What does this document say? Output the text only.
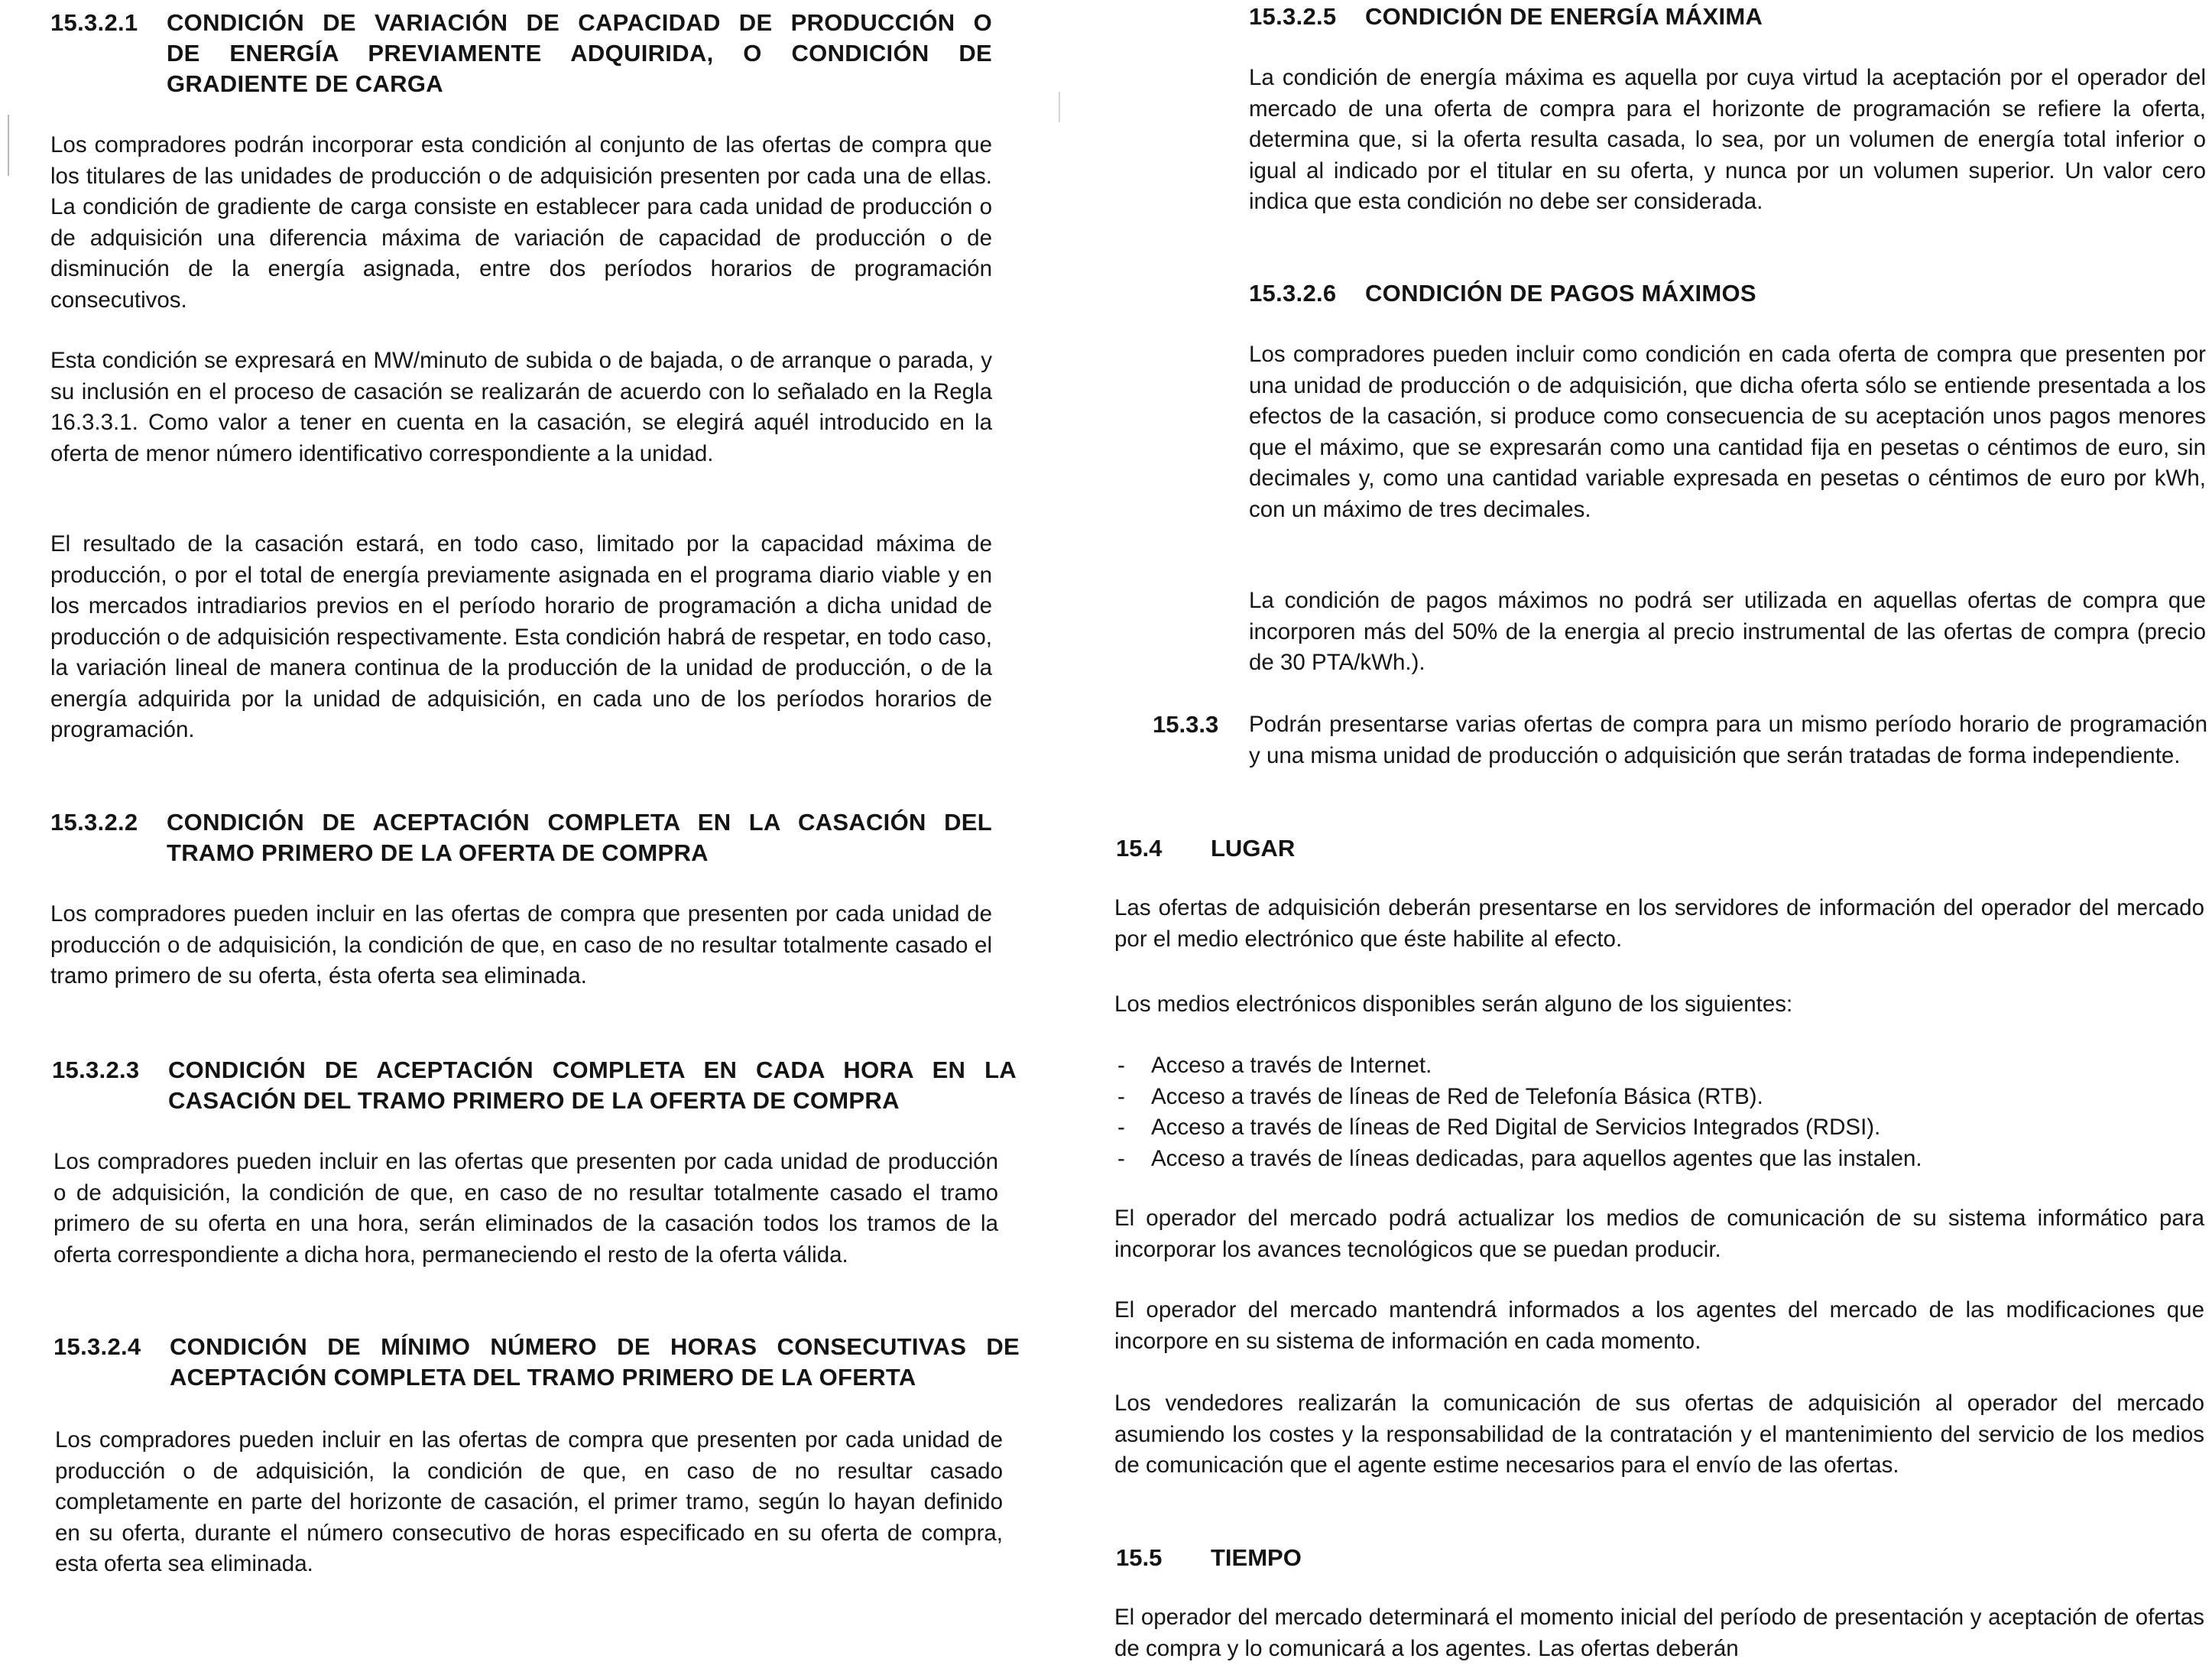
15.3.2.1	CONDICIÓN DE VARIACIÓN DE CAPACIDAD DE PRODUCCIÓN O
DE ENERGÍA PREVIAMENTE ADQUIRIDA, O CONDICIÓN DE
GRADIENTE DE CARGA

Los compradores podrán incorporar esta condición al conjunto de las ofertas de compra que los titulares de las unidades de producción o de adquisición presenten por cada una de ellas. La condición de gradiente de carga consiste en establecer para cada unidad de producción o de adquisición una diferencia máxima de variación de capacidad de producción o de disminución de la energía asignada, entre dos períodos horarios de programación consecutivos.

Esta condición se expresará en MW/minuto de subida o de bajada, o de arranque o parada, y su inclusión en el proceso de casación se realizarán de acuerdo con lo señalado en la Regla 16.3.3.1. Como valor a tener en cuenta en la casación, se elegirá aquél introducido en la oferta de menor número identificativo correspondiente a la unidad.

El resultado de la casación estará, en todo caso, limitado por la capacidad máxima de producción, o por el total de energía previamente asignada en el programa diario viable y en los mercados intradiarios previos en el período horario de programación a dicha unidad de producción o de adquisición respectivamente. Esta condición habrá de respetar, en todo caso, la variación lineal de manera continua de la producción de la unidad de producción, o de la energía adquirida por la unidad de adquisición, en cada uno de los períodos horarios de programación.

15.3.2.2	CONDICIÓN DE ACEPTACIÓN COMPLETA EN LA CASACIÓN DEL
TRAMO PRIMERO DE LA OFERTA DE COMPRA

Los compradores pueden incluir en las ofertas de compra que presenten por cada unidad de producción o de adquisición, la condición de que, en caso de no resultar totalmente casado el tramo primero de su oferta, ésta oferta sea eliminada.

15.3.2.3	CONDICIÓN DE ACEPTACIÓN COMPLETA EN CADA HORA EN LA
CASACIÓN DEL TRAMO PRIMERO DE LA OFERTA DE COMPRA

Los compradores pueden incluir en las ofertas que presenten por cada unidad de producción o de adquisición, la condición de que, en caso de no resultar totalmente casado el tramo primero de su oferta en una hora, serán eliminados de la casación todos los tramos de la oferta correspondiente a dicha hora, permaneciendo el resto de la oferta válida.

15.3.2.4	CONDICIÓN DE MÍNIMO NÚMERO DE HORAS CONSECUTIVAS DE
ACEPTACIÓN COMPLETA DEL TRAMO PRIMERO DE LA OFERTA

Los compradores pueden incluir en las ofertas de compra que presenten por cada unidad de producción o de adquisición, la condición de que, en caso de no resultar casado completamente en parte del horizonte de casación, el primer tramo, según lo hayan definido en su oferta, durante el número consecutivo de horas especificado en su oferta de compra, esta oferta sea eliminada.

15.3.2.5	CONDICIÓN DE ENERGÍA MÁXIMA

La condición de energía máxima es aquella por cuya virtud la aceptación por el operador del mercado de una oferta de compra para el horizonte de programación se refiere la oferta, determina que, si la oferta resulta casada, lo sea, por un volumen de energía total inferior o igual al indicado por el titular en su oferta, y nunca por un volumen superior. Un valor cero indica que esta condición no debe ser considerada.

15.3.2.6	CONDICIÓN DE PAGOS MÁXIMOS

Los compradores pueden incluir como condición en cada oferta de compra que presenten por una unidad de producción o de adquisición, que dicha oferta sólo se entiende presentada a los efectos de la casación, si produce como consecuencia de su aceptación unos pagos menores que el máximo, que se expresarán como una cantidad fija en pesetas o céntimos de euro, sin decimales y, como una cantidad variable expresada en pesetas o céntimos de euro por kWh, con un máximo de tres decimales.

La condición de pagos máximos no podrá ser utilizada en aquellas ofertas de compra que incorporen más del 50% de la energia al precio instrumental de las ofertas de compra (precio de 30 PTA/kWh.).

15.3.3	Podrán presentarse varias ofertas de compra para un mismo período horario de programación y una misma unidad de producción o adquisición que serán tratadas de forma independiente.

15.4	LUGAR

Las ofertas de adquisición deberán presentarse en los servidores de información del operador del mercado por el medio electrónico que éste habilite al efecto.

Los medios electrónicos disponibles serán alguno de los siguientes:

- Acceso a través de Internet.
- Acceso a través de líneas de Red de Telefonía Básica (RTB).
- Acceso a través de líneas de Red Digital de Servicios Integrados (RDSI).
- Acceso a través de líneas dedicadas, para aquellos agentes que las instalen.

El operador del mercado podrá actualizar los medios de comunicación de su sistema informático para incorporar los avances tecnológicos que se puedan producir.

El operador del mercado mantendrá informados a los agentes del mercado de las modificaciones que incorpore en su sistema de información en cada momento.

Los vendedores realizarán la comunicación de sus ofertas de adquisición al operador del mercado asumiendo los costes y la responsabilidad de la contratación y el mantenimiento del servicio de los medios de comunicación que el agente estime necesarios para el envío de las ofertas.

15.5	TIEMPO

El operador del mercado determinará el momento inicial del período de presentación y aceptación de ofertas de compra y lo comunicará a los agentes. Las ofertas deberán
